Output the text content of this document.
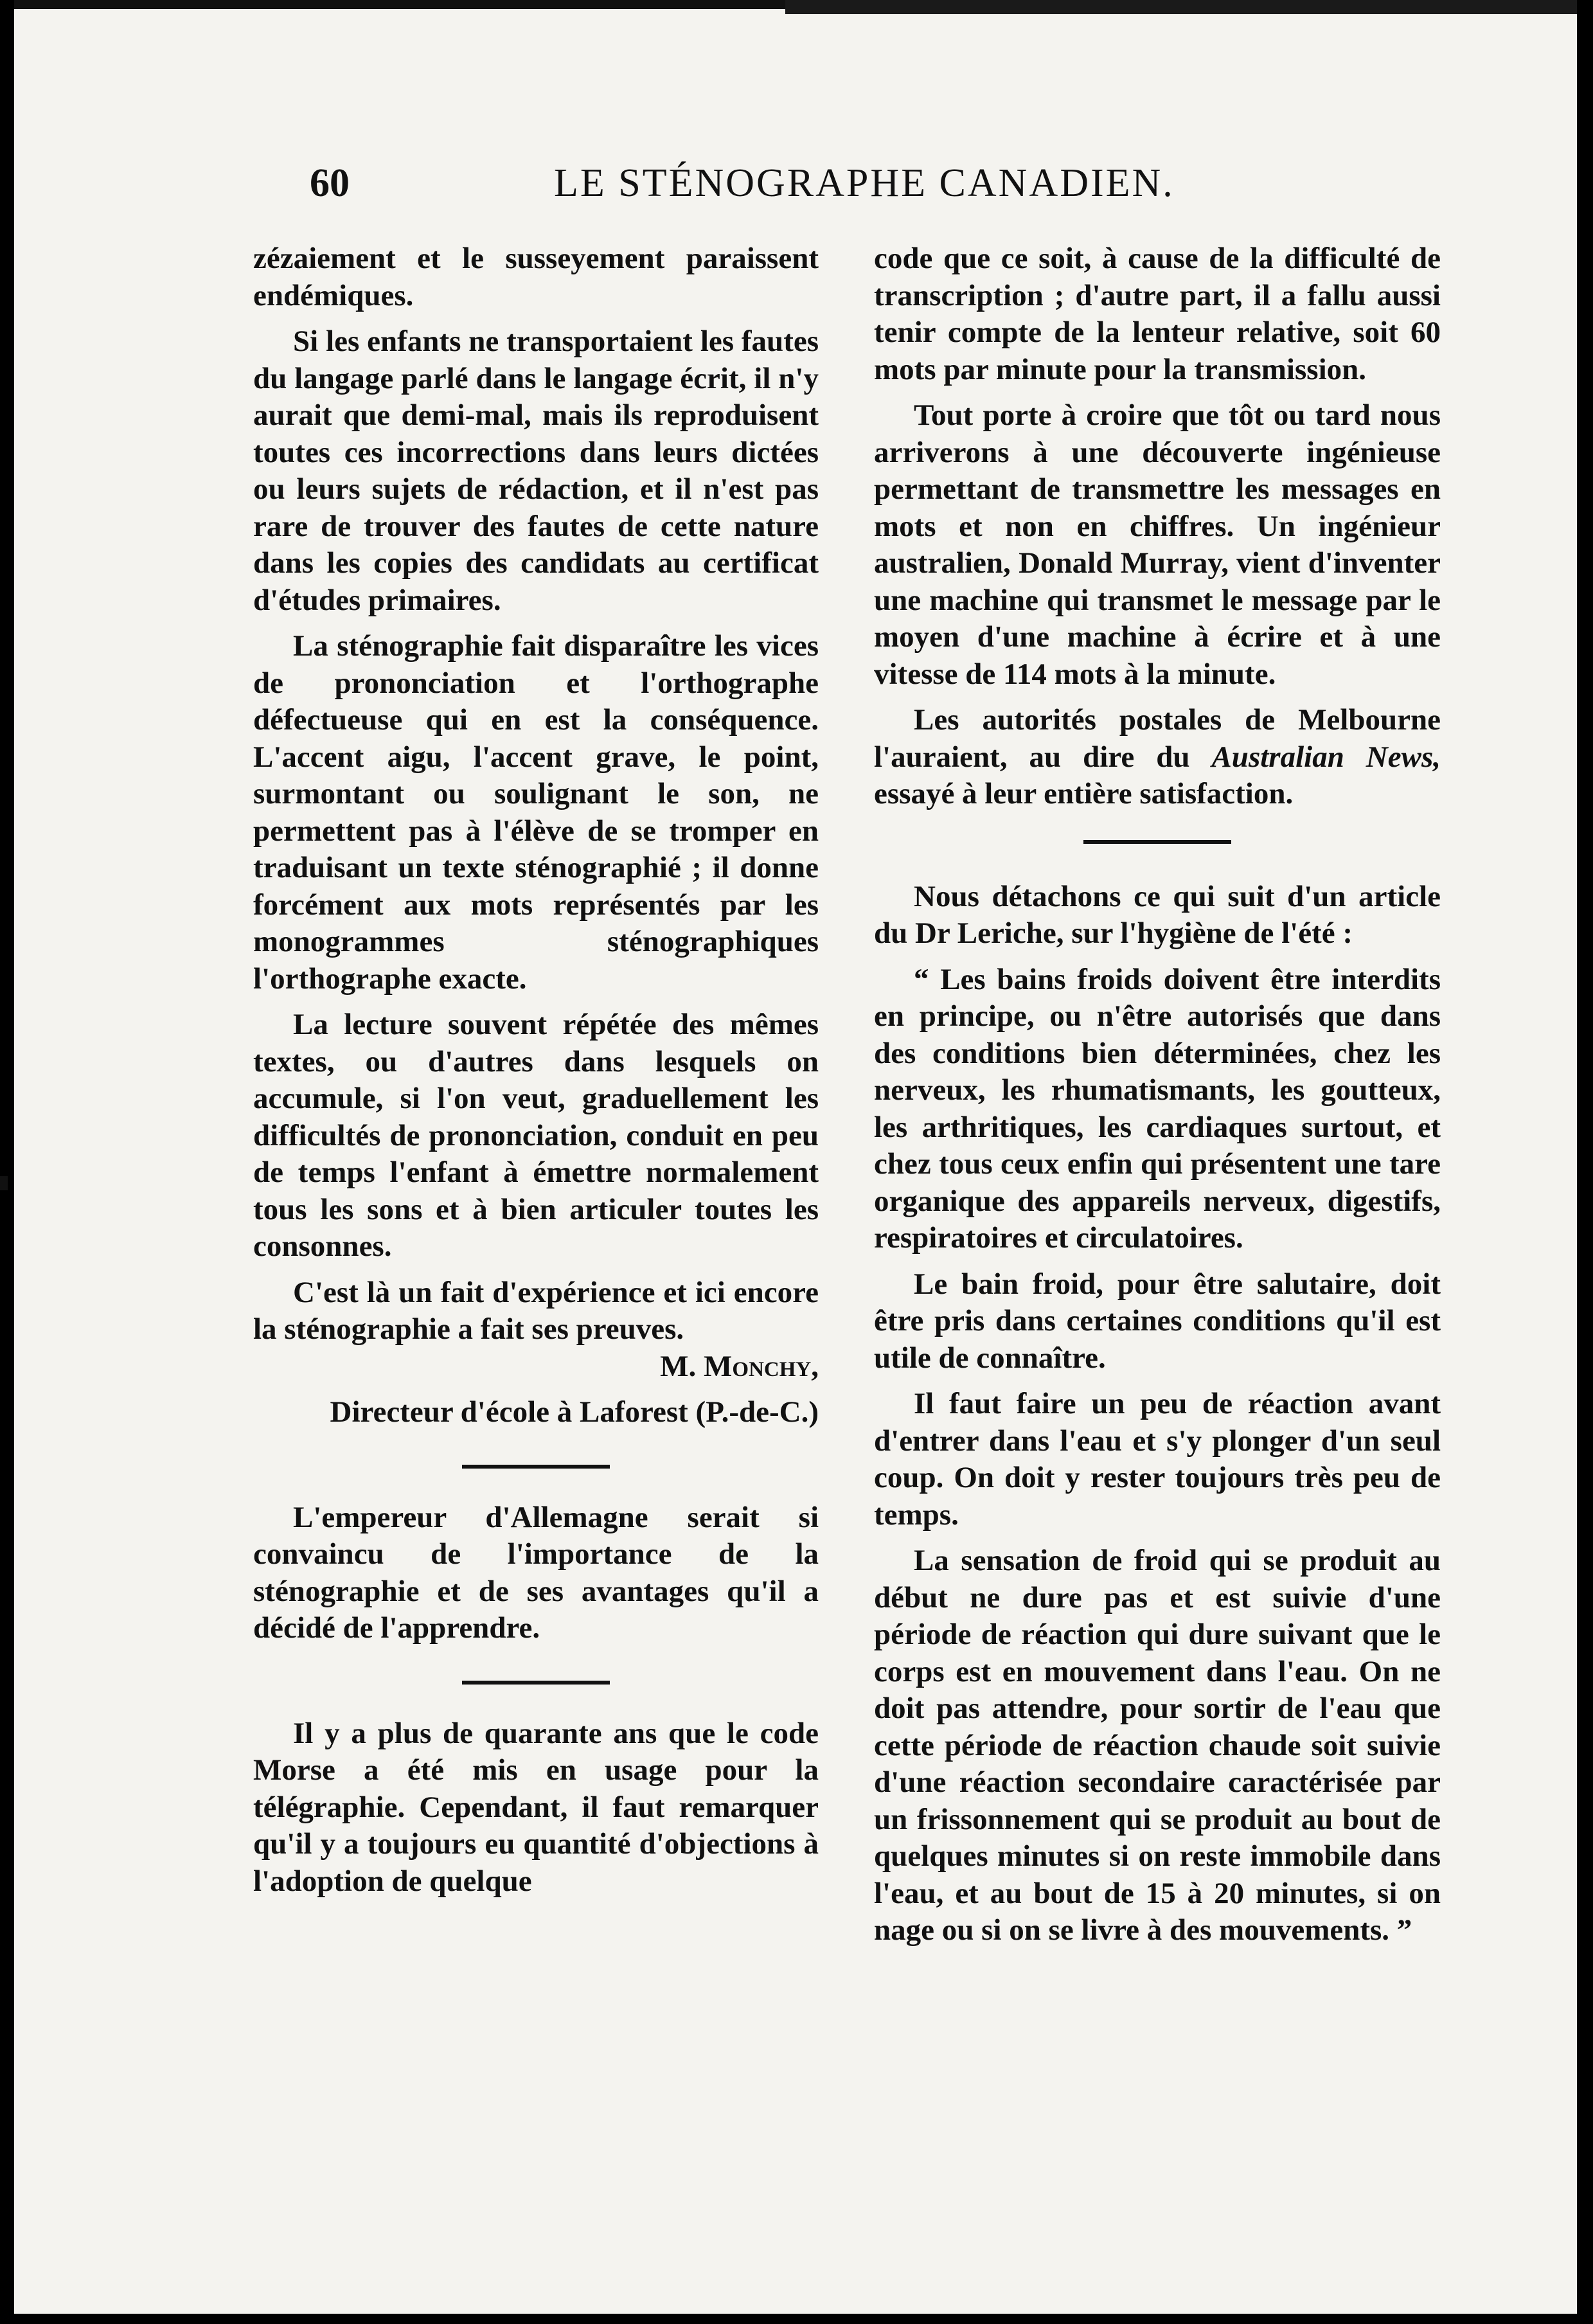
60	LE STÉNOGRAPHE CANADIEN.

zézaiement et le susseyement paraissent endémiques.

Si les enfants ne transportaient les fautes du langage parlé dans le langage écrit, il n'y aurait que demi-mal, mais ils reproduisent toutes ces incorrections dans leurs dictées ou leurs sujets de rédaction, et il n'est pas rare de trouver des fautes de cette nature dans les copies des candidats au certificat d'études primaires.

La sténographie fait disparaître les vices de prononciation et l'orthographe défectueuse qui en est la conséquence. L'accent aigu, l'accent grave, le point, surmontant ou soulignant le son, ne permettent pas à l'élève de se tromper en traduisant un texte sténographié ; il donne forcément aux mots représentés par les monogrammes sténographiques l'orthographe exacte.

La lecture souvent répétée des mêmes textes, ou d'autres dans lesquels on accumule, si l'on veut, graduellement les difficultés de prononciation, conduit en peu de temps l'enfant à émettre normalement tous les sons et à bien articuler toutes les consonnes.

C'est là un fait d'expérience et ici encore la sténographie a fait ses preuves.

M. Monchy,

Directeur d'école à Laforest (P.-de-C.)

L'empereur d'Allemagne serait si convaincu de l'importance de la sténographie et de ses avantages qu'il a décidé de l'apprendre.

Il y a plus de quarante ans que le code Morse a été mis en usage pour la télégraphie. Cependant, il faut remarquer qu'il y a toujours eu quantité d'objections à l'adoption de quelque

code que ce soit, à cause de la difficulté de transcription ; d'autre part, il a fallu aussi tenir compte de la lenteur relative, soit 60 mots par minute pour la transmission.

Tout porte à croire que tôt ou tard nous arriverons à une découverte ingénieuse permettant de transmettre les messages en mots et non en chiffres. Un ingénieur australien, Donald Murray, vient d'inventer une machine qui transmet le message par le moyen d'une machine à écrire et à une vitesse de 114 mots à la minute.

Les autorités postales de Melbourne l'auraient, au dire du Australian News, essayé à leur entière satisfaction.

Nous détachons ce qui suit d'un article du Dr Leriche, sur l'hygiène de l'été :

“ Les bains froids doivent être interdits en principe, ou n'être autorisés que dans des conditions bien déterminées, chez les nerveux, les rhumatismants, les goutteux, les arthritiques, les cardiaques surtout, et chez tous ceux enfin qui présentent une tare organique des appareils nerveux, digestifs, respiratoires et circulatoires.

Le bain froid, pour être salutaire, doit être pris dans certaines conditions qu'il est utile de connaître.

Il faut faire un peu de réaction avant d'entrer dans l'eau et s'y plonger d'un seul coup. On doit y rester toujours très peu de temps.

La sensation de froid qui se produit au début ne dure pas et est suivie d'une période de réaction qui dure suivant que le corps est en mouvement dans l'eau. On ne doit pas attendre, pour sortir de l'eau que cette période de réaction chaude soit suivie d'une réaction secondaire caractérisée par un frissonnement qui se produit au bout de quelques minutes si on reste immobile dans l'eau, et au bout de 15 à 20 minutes, si on nage ou si on se livre à des mouvements. ”
